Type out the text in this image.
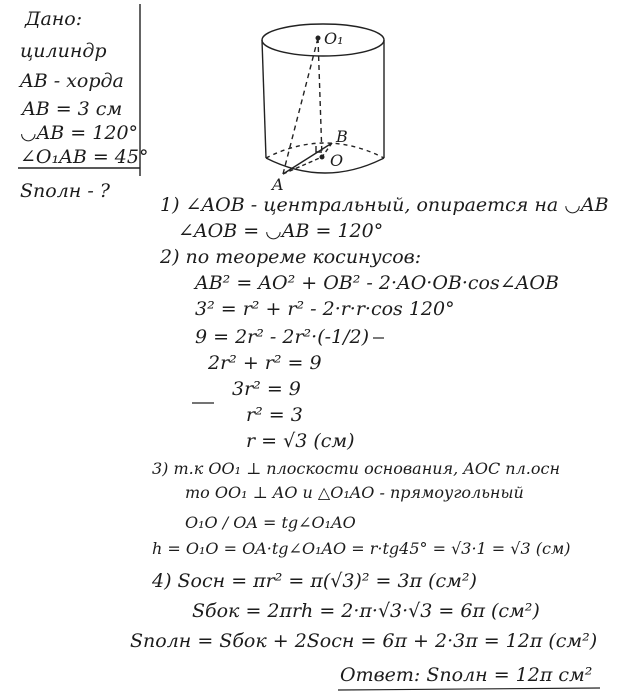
Дано:
цилиндр
AB - хорда
AB = 3 см
◡AB = 120°
∠O₁AB = 45°
Sполн - ?
O₁
B
O
A
1) ∠AOB - центральный, опирается на ◡AB
∠AOB = ◡AB = 120°
2) по теореме косинусов:
AB² = AO² + OB² - 2·AO·OB·cos∠AOB
3² = r² + r² - 2·r·r·cos 120°
9 = 2r² - 2r²·(-1/2)
2r² + r² = 9
3r² = 9
r² = 3
r = √3 (см)
3) т.к OO₁ ⊥ плоскости основания, AOC пл.осн
то OO₁ ⊥ AO и △O₁AO - прямоугольный
O₁O / OA = tg∠O₁AO
h = O₁O = OA·tg∠O₁AO = r·tg45° = √3·1 = √3 (см)
4) Sосн = πr² = π(√3)² = 3π (см²)
Sбок = 2πrh = 2·π·√3·√3 = 6π (см²)
Sполн = Sбок + 2Sосн = 6π + 2·3π = 12π (см²)
Ответ: Sполн = 12π см²
